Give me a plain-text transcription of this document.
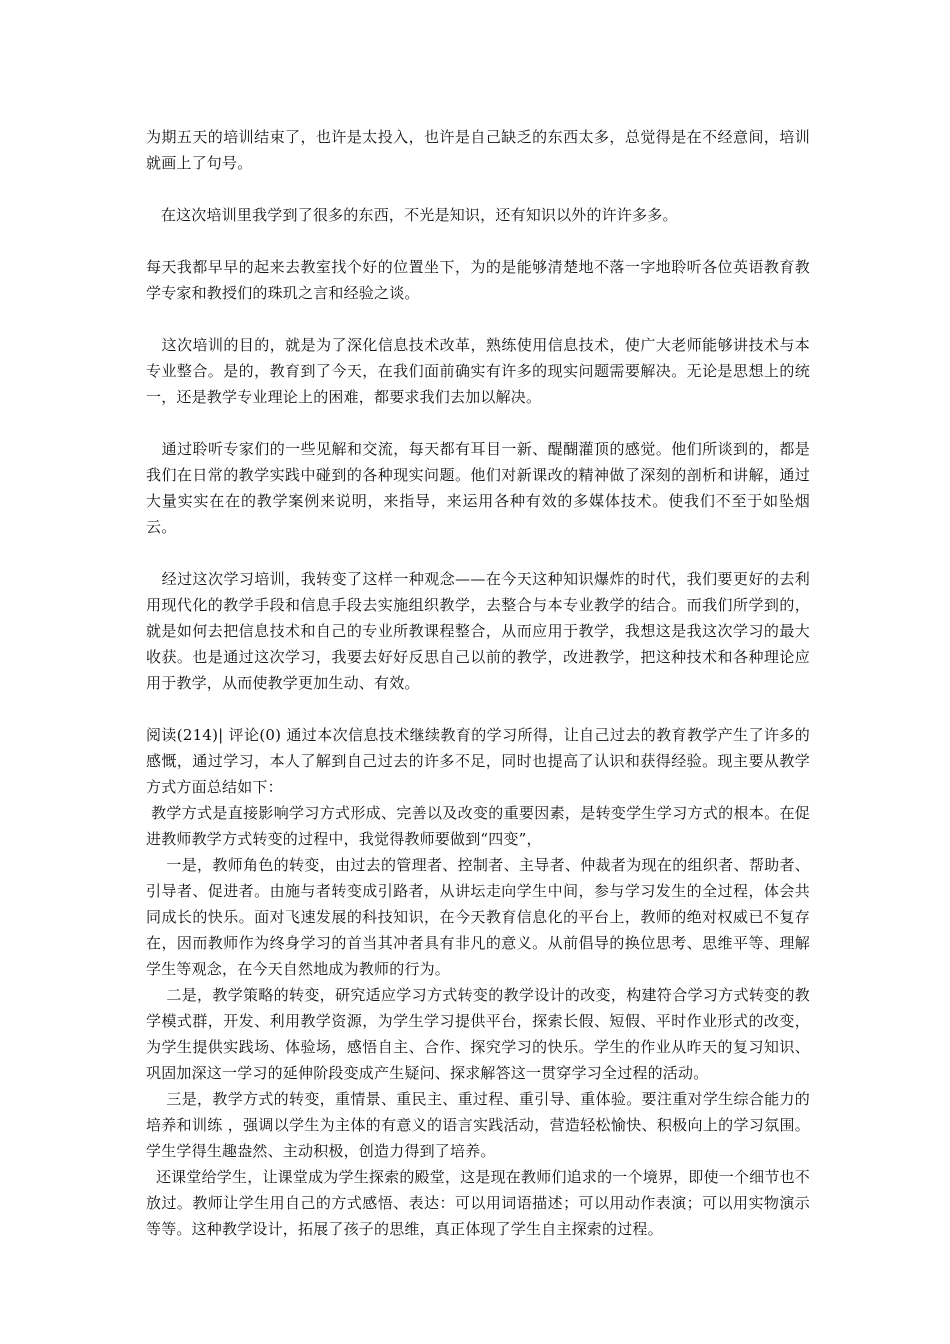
为期五天的培训结束了，也许是太投入，也许是自己缺乏的东西太多，总觉得是在不经意间，培训就画上了句号。

在这次培训里我学到了很多的东西，不光是知识，还有知识以外的许许多多。

每天我都早早的起来去教室找个好的位置坐下，为的是能够清楚地不落一字地聆听各位英语教育教学专家和教授们的珠玑之言和经验之谈。

这次培训的目的，就是为了深化信息技术改革，熟练使用信息技术，使广大老师能够讲技术与本专业整合。是的，教育到了今天，在我们面前确实有许多的现实问题需要解决。无论是思想上的统一，还是教学专业理论上的困难，都要求我们去加以解决。

通过聆听专家们的一些见解和交流，每天都有耳目一新、醍醐灌顶的感觉。他们所谈到的，都是我们在日常的教学实践中碰到的各种现实问题。他们对新课改的精神做了深刻的剖析和讲解，通过大量实实在在的教学案例来说明，来指导，来运用各种有效的多媒体技术。使我们不至于如坠烟云。

经过这次学习培训，我转变了这样一种观念——在今天这种知识爆炸的时代，我们要更好的去利用现代化的教学手段和信息手段去实施组织教学，去整合与本专业教学的结合。而我们所学到的，就是如何去把信息技术和自己的专业所教课程整合，从而应用于教学，我想这是我这次学习的最大收获。也是通过这次学习，我要去好好反思自己以前的教学，改进教学，把这种技术和各种理论应用于教学，从而使教学更加生动、有效。

阅读(214)| 评论(0) 通过本次信息技术继续教育的学习所得，让自己过去的教育教学产生了许多的感慨，通过学习，本人了解到自己过去的许多不足，同时也提高了认识和获得经验。现主要从教学方式方面总结如下：

教学方式是直接影响学习方式形成、完善以及改变的重要因素，是转变学生学习方式的根本。在促进教师教学方式转变的过程中，我觉得教师要做到“四变”，

一是，教师角色的转变，由过去的管理者、控制者、主导者、仲裁者为现在的组织者、帮助者、引导者、促进者。由施与者转变成引路者，从讲坛走向学生中间，参与学习发生的全过程，体会共同成长的快乐。面对飞速发展的科技知识，在今天教育信息化的平台上，教师的绝对权威已不复存在，因而教师作为终身学习的首当其冲者具有非凡的意义。从前倡导的换位思考、思维平等、理解学生等观念，在今天自然地成为教师的行为。

二是，教学策略的转变，研究适应学习方式转变的教学设计的改变，构建符合学习方式转变的教学模式群，开发、利用教学资源，为学生学习提供平台，探索长假、短假、平时作业形式的改变，为学生提供实践场、体验场，感悟自主、合作、探究学习的快乐。学生的作业从昨天的复习知识、巩固加深这一学习的延伸阶段变成产生疑问、探求解答这一贯穿学习全过程的活动。

三是，教学方式的转变，重情景、重民主、重过程、重引导、重体验。要注重对学生综合能力的培养和训练 ，强调以学生为主体的有意义的语言实践活动，营造轻松愉快、积极向上的学习氛围。学生学得生趣盎然、主动积极，创造力得到了培养。

还课堂给学生，让课堂成为学生探索的殿堂，这是现在教师们追求的一个境界，即使一个细节也不放过。教师让学生用自己的方式感悟、表达：可以用词语描述；可以用动作表演；可以用实物演示等等。这种教学设计，拓展了孩子的思维，真正体现了学生自主探索的过程。
